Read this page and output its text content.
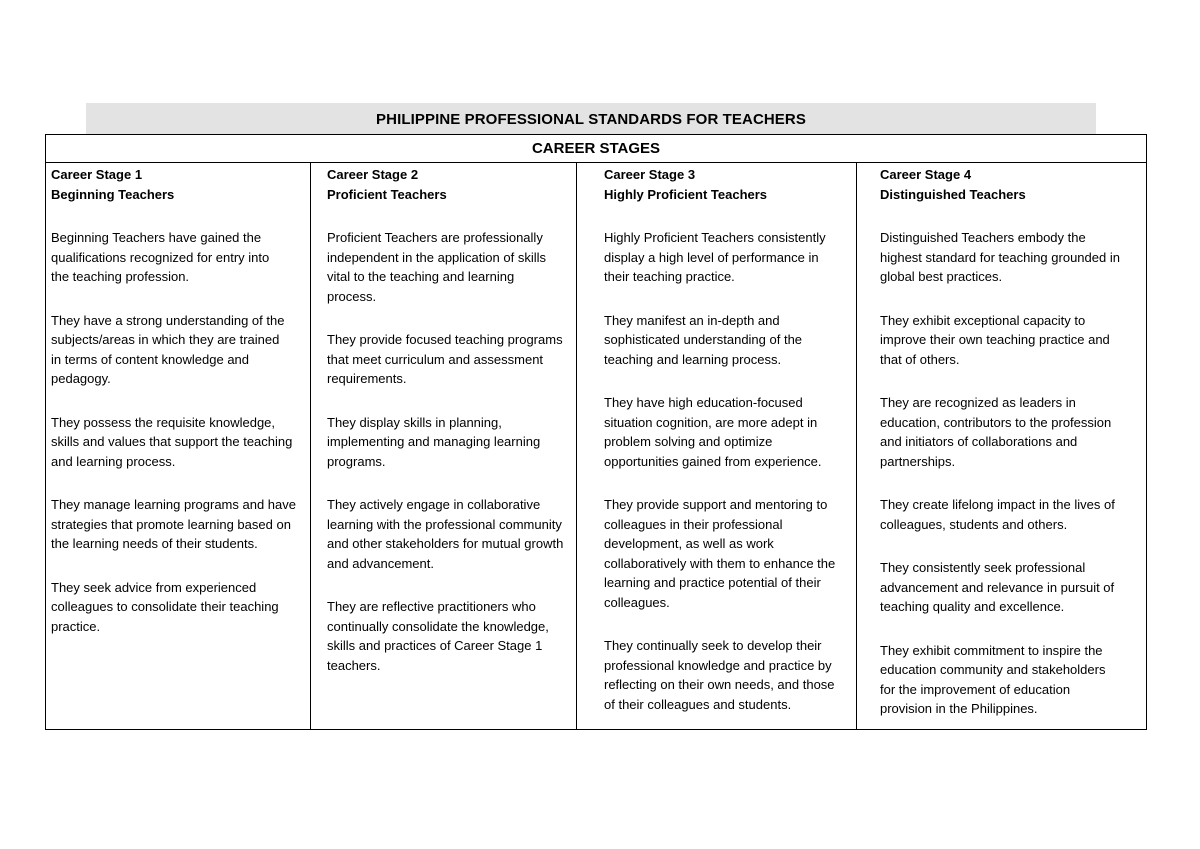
PHILIPPINE PROFESSIONAL STANDARDS FOR TEACHERS
CAREER STAGES
Career Stage 1
Beginning Teachers

Beginning Teachers have gained the
qualifications recognized for entry into
the teaching profession.

They have a strong understanding of the
subjects/areas in which they are trained
in terms of content knowledge and
pedagogy.

They possess the requisite knowledge,
skills and values that support the teaching
and learning process.

They manage learning programs and have
strategies that promote learning based on
the learning needs of their students.

They seek advice from experienced
colleagues to consolidate their teaching
practice.

Career Stage 2
Proficient Teachers

Proficient Teachers are professionally
independent in the application of skills
vital to the teaching and learning
process.

They provide focused teaching programs
that meet curriculum and assessment
requirements.

They display skills in planning,
implementing and managing learning
programs.

They actively engage in collaborative
learning with the professional community
and other stakeholders for mutual growth
and advancement.

They are reflective practitioners who
continually consolidate the knowledge,
skills and practices of Career Stage 1
teachers.

Career Stage 3
Highly Proficient Teachers

Highly Proficient Teachers consistently
display a high level of performance in
their teaching practice.

They manifest an in-depth and
sophisticated understanding of the
teaching and learning process.

They have high education-focused
situation cognition, are more adept in
problem solving and optimize
opportunities gained from experience.

They provide support and mentoring to
colleagues in their professional
development, as well as work
collaboratively with them to enhance the
learning and practice potential of their
colleagues.

They continually seek to develop their
professional knowledge and practice by
reflecting on their own needs, and those
of their colleagues and students.

Career Stage 4
Distinguished Teachers

Distinguished Teachers embody the
highest standard for teaching grounded in
global best practices.

They exhibit exceptional capacity to
improve their own teaching practice and
that of others.

They are recognized as leaders in
education, contributors to the profession
and initiators of collaborations and
partnerships.

They create lifelong impact in the lives of
colleagues, students and others.

They consistently seek professional
advancement and relevance in pursuit of
teaching quality and excellence.

They exhibit commitment to inspire the
education community and stakeholders
for the improvement of education
provision in the Philippines.
